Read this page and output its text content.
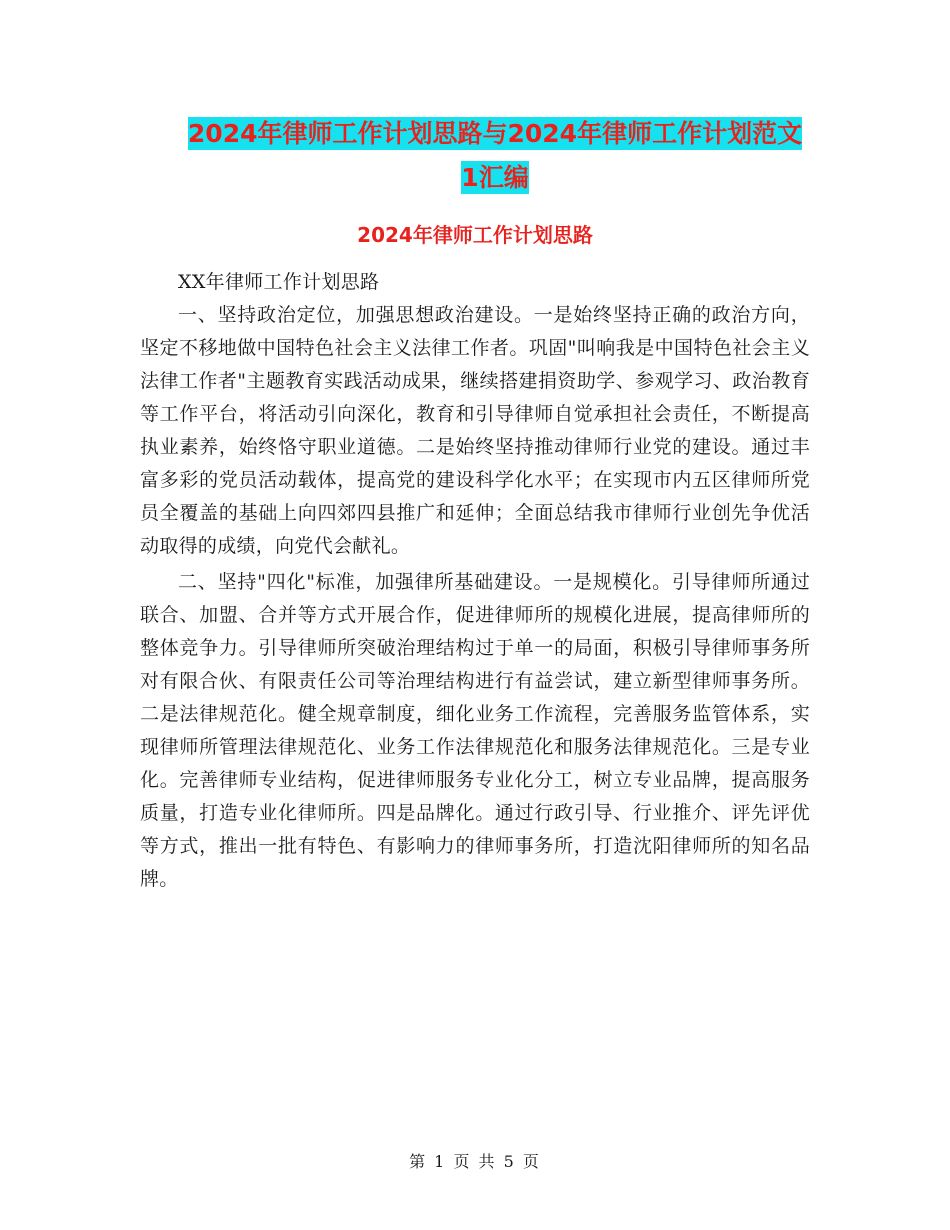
2024年律师工作计划思路与2024年律师工作计划范文
1汇编
2024年律师工作计划思路

XX年律师工作计划思路

一、坚持政治定位，加强思想政治建设。一是始终坚持正确的政治方向，坚定不移地做中国特色社会主义法律工作者。巩固"叫响我是中国特色社会主义法律工作者"主题教育实践活动成果，继续搭建捐资助学、参观学习、政治教育等工作平台，将活动引向深化，教育和引导律师自觉承担社会责任，不断提高执业素养，始终恪守职业道德。二是始终坚持推动律师行业党的建设。通过丰富多彩的党员活动载体，提高党的建设科学化水平；在实现市内五区律师所党员全覆盖的基础上向四郊四县推广和延伸；全面总结我市律师行业创先争优活动取得的成绩，向党代会献礼。

二、坚持"四化"标准，加强律所基础建设。一是规模化。引导律师所通过联合、加盟、合并等方式开展合作，促进律师所的规模化进展，提高律师所的整体竞争力。引导律师所突破治理结构过于单一的局面，积极引导律师事务所对有限合伙、有限责任公司等治理结构进行有益尝试，建立新型律师事务所。二是法律规范化。健全规章制度，细化业务工作流程，完善服务监管体系，实现律师所管理法律规范化、业务工作法律规范化和服务法律规范化。三是专业化。完善律师专业结构，促进律师服务专业化分工，树立专业品牌，提高服务质量，打造专业化律师所。四是品牌化。通过行政引导、行业推介、评先评优等方式，推出一批有特色、有影响力的律师事务所，打造沈阳律师所的知名品牌。

第 1 页 共 5 页
